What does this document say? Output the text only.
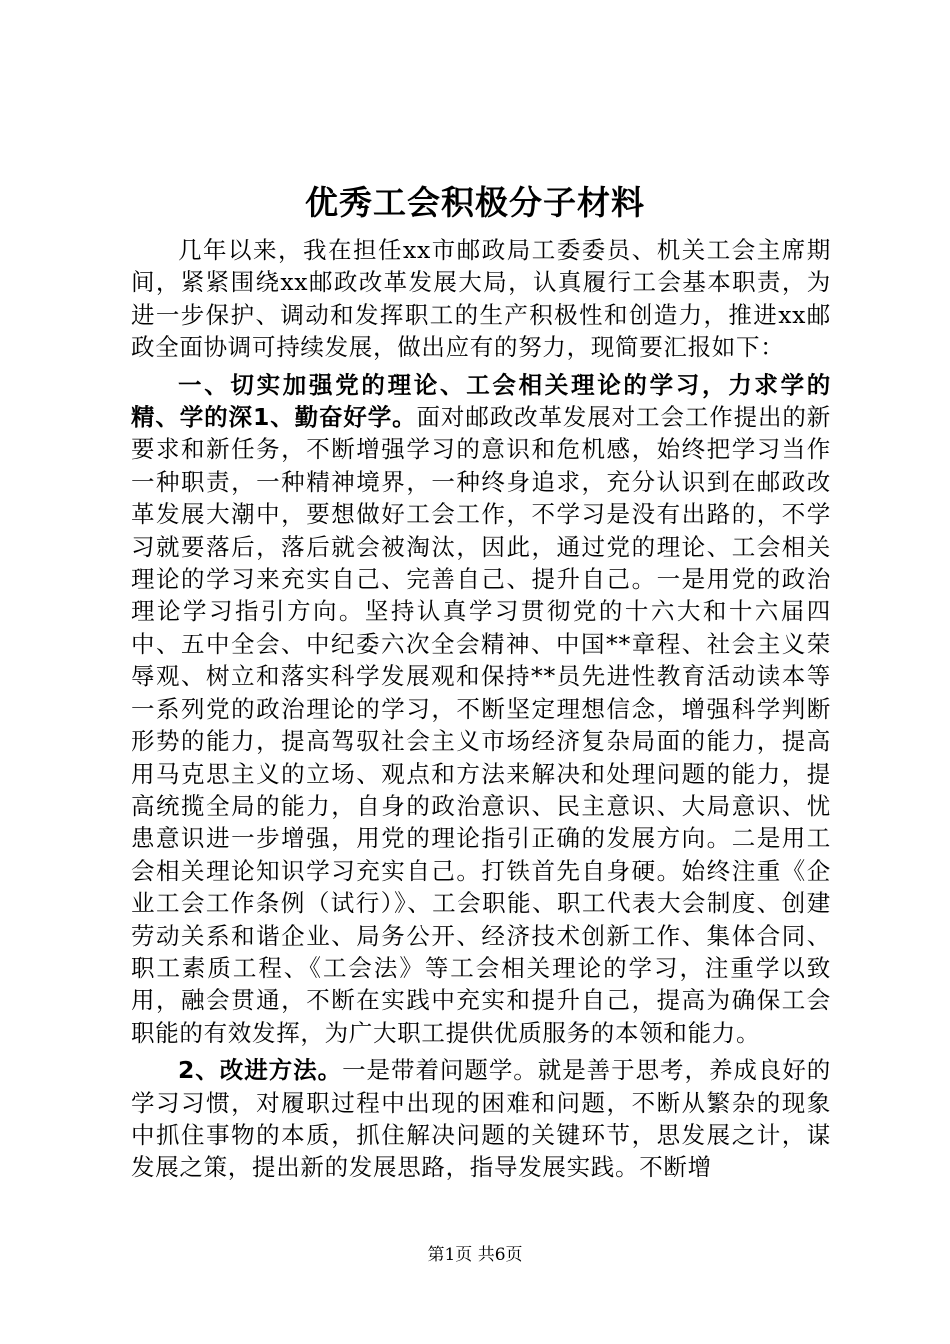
优秀工会积极分子材料

几年以来，我在担任xx市邮政局工委委员、机关工会主席期间，紧紧围绕xx邮政改革发展大局，认真履行工会基本职责，为进一步保护、调动和发挥职工的生产积极性和创造力，推进xx邮政全面协调可持续发展，做出应有的努力，现简要汇报如下：

一、切实加强党的理论、工会相关理论的学习，力求学的精、学的深1、勤奋好学。面对邮政改革发展对工会工作提出的新要求和新任务，不断增强学习的意识和危机感，始终把学习当作一种职责，一种精神境界，一种终身追求，充分认识到在邮政改革发展大潮中，要想做好工会工作，不学习是没有出路的，不学习就要落后，落后就会被淘汰，因此，通过党的理论、工会相关理论的学习来充实自己、完善自己、提升自己。一是用党的政治理论学习指引方向。坚持认真学习贯彻党的十六大和十六届四中、五中全会、中纪委六次全会精神、中国**章程、社会主义荣辱观、树立和落实科学发展观和保持**员先进性教育活动读本等一系列党的政治理论的学习，不断坚定理想信念，增强科学判断形势的能力，提高驾驭社会主义市场经济复杂局面的能力，提高用马克思主义的立场、观点和方法来解决和处理问题的能力，提高统揽全局的能力，自身的政治意识、民主意识、大局意识、忧患意识进一步增强，用党的理论指引正确的发展方向。二是用工会相关理论知识学习充实自己。打铁首先自身硬。始终注重《企业工会工作条例（试行）》、工会职能、职工代表大会制度、创建劳动关系和谐企业、局务公开、经济技术创新工作、集体合同、职工素质工程、《工会法》等工会相关理论的学习，注重学以致用，融会贯通，不断在实践中充实和提升自己，提高为确保工会职能的有效发挥，为广大职工提供优质服务的本领和能力。

2、改进方法。一是带着问题学。就是善于思考，养成良好的学习习惯，对履职过程中出现的困难和问题，不断从繁杂的现象中抓住事物的本质，抓住解决问题的关键环节，思发展之计，谋发展之策，提出新的发展思路，指导发展实践。不断增

第1页 共6页
